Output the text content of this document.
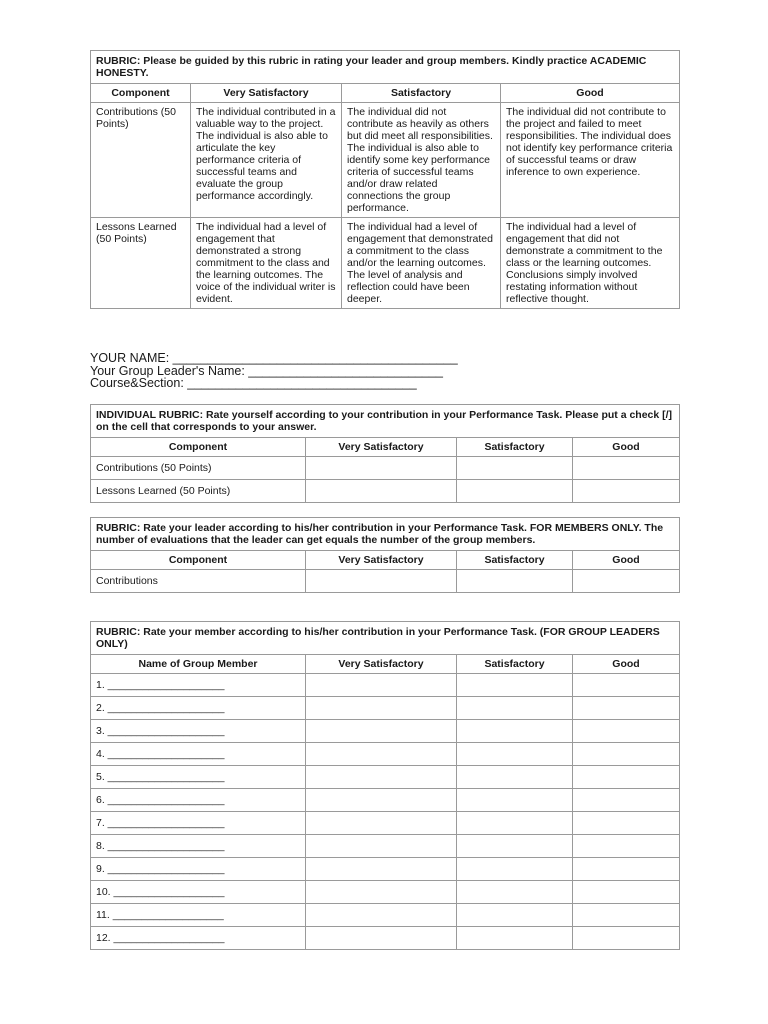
RUBRIC: Please be guided by this rubric in rating your leader and group members. Kindly practice ACADEMIC HONESTY.			
Component	Very Satisfactory	Satisfactory	Good
Contributions (50 Points)	The individual contributed in a valuable way to the project. The individual is also able to articulate the key performance criteria of successful teams and evaluate the group performance accordingly.	The individual did not contribute as heavily as others but did meet all responsibilities. The individual is also able to identify some key performance criteria of successful teams and/or draw related connections the group performance.	The individual did not contribute to the project and failed to meet responsibilities. The individual does not identify key performance criteria of successful teams or draw inference to own experience.
Lessons Learned (50 Points)	The individual had a level of engagement that demonstrated a strong commitment to the class and the learning outcomes. The voice of the individual writer is evident.	The individual had a level of engagement that demonstrated a commitment to the class and/or the learning outcomes. The level of analysis and reflection could have been deeper.	The individual had a level of engagement that did not demonstrate a commitment to the class or the learning outcomes. Conclusions simply involved restating information without reflective thought.
YOUR NAME: _________________________________________
Your Group Leader's Name: ____________________________
Course&Section: _________________________________
INDIVIDUAL RUBRIC: Rate yourself according to your contribution in your Performance Task. Please put a check [/] on the cell that corresponds to your answer.			
Component	Very Satisfactory	Satisfactory	Good
Contributions (50 Points)			
Lessons Learned (50 Points)			
RUBRIC: Rate your leader according to his/her contribution in your Performance Task. FOR MEMBERS ONLY. The number of evaluations that the leader can get equals the number of the group members.			
Component	Very Satisfactory	Satisfactory	Good
Contributions			
RUBRIC: Rate your member according to his/her contribution in your Performance Task. (FOR GROUP LEADERS ONLY)			
Name of Group Member	Very Satisfactory	Satisfactory	Good
1. ____________________			
2. ____________________			
3. ____________________			
4. ____________________			
5. ____________________			
6. ____________________			
7. ____________________			
8. ____________________			
9. ____________________			
10. ___________________			
11. ___________________			
12. ___________________			
